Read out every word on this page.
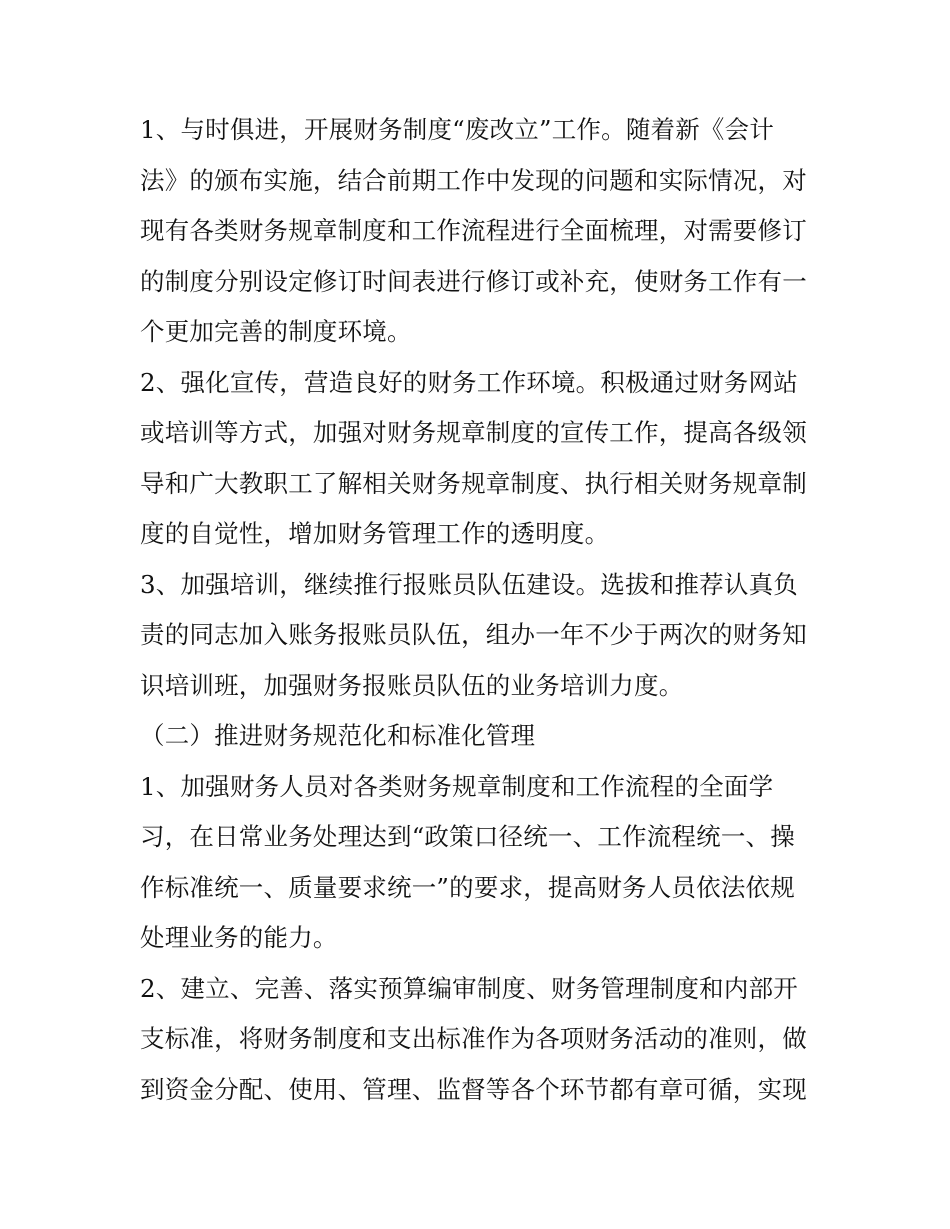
1、与时俱进，开展财务制度“废改立”工作。随着新《会计
法》的颁布实施，结合前期工作中发现的问题和实际情况，对
现有各类财务规章制度和工作流程进行全面梳理，对需要修订
的制度分别设定修订时间表进行修订或补充，使财务工作有一
个更加完善的制度环境。
2、强化宣传，营造良好的财务工作环境。积极通过财务网站
或培训等方式，加强对财务规章制度的宣传工作，提高各级领
导和广大教职工了解相关财务规章制度、执行相关财务规章制
度的自觉性，增加财务管理工作的透明度。
3、加强培训，继续推行报账员队伍建设。选拔和推荐认真负
责的同志加入账务报账员队伍，组办一年不少于两次的财务知
识培训班，加强财务报账员队伍的业务培训力度。
（二）推进财务规范化和标准化管理
1、加强财务人员对各类财务规章制度和工作流程的全面学
习，在日常业务处理达到“政策口径统一、工作流程统一、操
作标准统一、质量要求统一”的要求，提高财务人员依法依规
处理业务的能力。
2、建立、完善、落实预算编审制度、财务管理制度和内部开
支标准，将财务制度和支出标准作为各项财务活动的准则，做
到资金分配、使用、管理、监督等各个环节都有章可循，实现
